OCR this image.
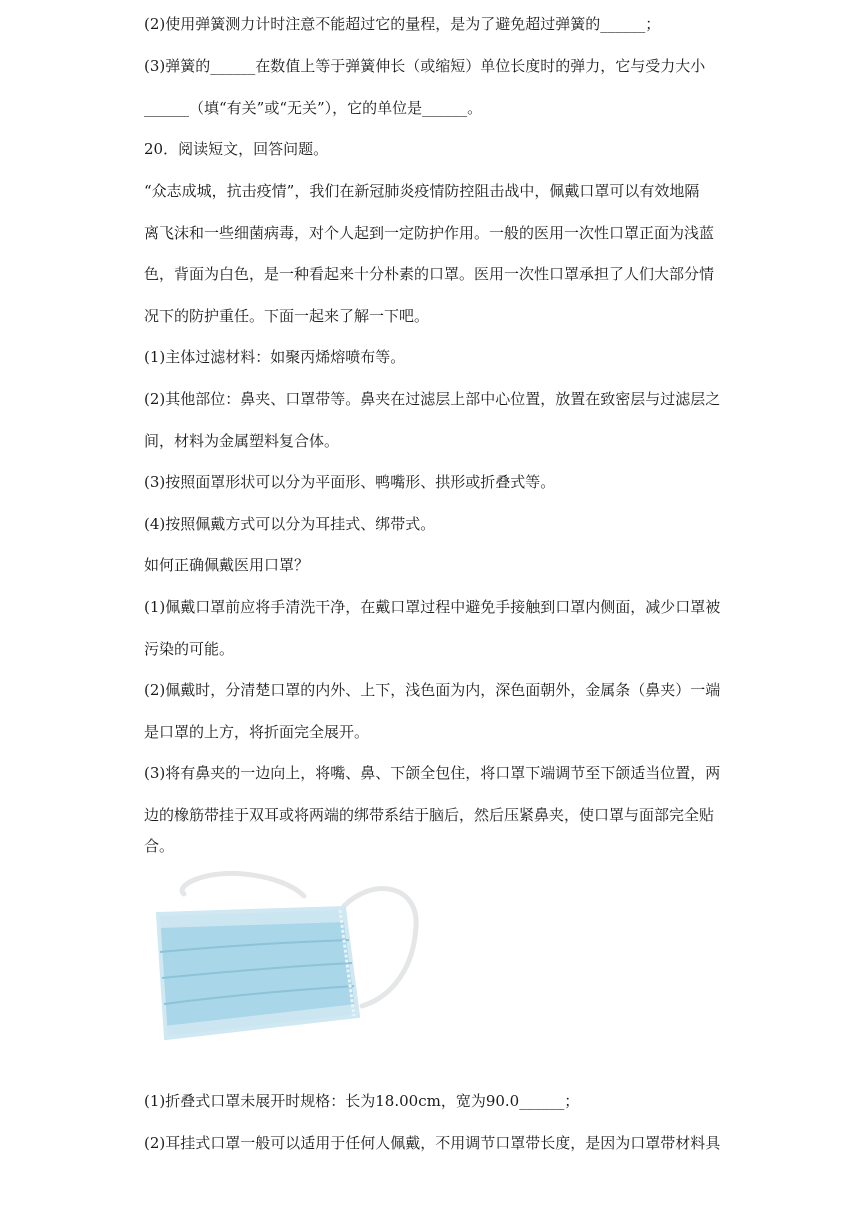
(2)使用弹簧测力计时注意不能超过它的量程，是为了避免超过弹簧的______；
(3)弹簧的______在数值上等于弹簧伸长（或缩短）单位长度时的弹力，它与受力大小
______（填“有关”或“无关”），它的单位是______。
20．阅读短文，回答问题。
“众志成城，抗击疫情”，我们在新冠肺炎疫情防控阻击战中，佩戴口罩可以有效地隔
离飞沫和一些细菌病毒，对个人起到一定防护作用。一般的医用一次性口罩正面为浅蓝
色，背面为白色，是一种看起来十分朴素的口罩。医用一次性口罩承担了人们大部分情
况下的防护重任。下面一起来了解一下吧。
(1)主体过滤材料：如聚丙烯熔喷布等。
(2)其他部位：鼻夹、口罩带等。鼻夹在过滤层上部中心位置，放置在致密层与过滤层之
间，材料为金属塑料复合体。
(3)按照面罩形状可以分为平面形、鸭嘴形、拱形或折叠式等。
(4)按照佩戴方式可以分为耳挂式、绑带式。
如何正确佩戴医用口罩？
(1)佩戴口罩前应将手清洗干净，在戴口罩过程中避免手接触到口罩内侧面，减少口罩被
污染的可能。
(2)佩戴时，分清楚口罩的内外、上下，浅色面为内，深色面朝外，金属条（鼻夹）一端
是口罩的上方，将折面完全展开。
(3)将有鼻夹的一边向上，将嘴、鼻、下颌全包住，将口罩下端调节至下颌适当位置，两
边的橡筋带挂于双耳或将两端的绑带系结于脑后，然后压紧鼻夹，使口罩与面部完全贴
合。
(1)折叠式口罩未展开时规格：长为18.00cm，宽为90.0______；
(2)耳挂式口罩一般可以适用于任何人佩戴，不用调节口罩带长度，是因为口罩带材料具
